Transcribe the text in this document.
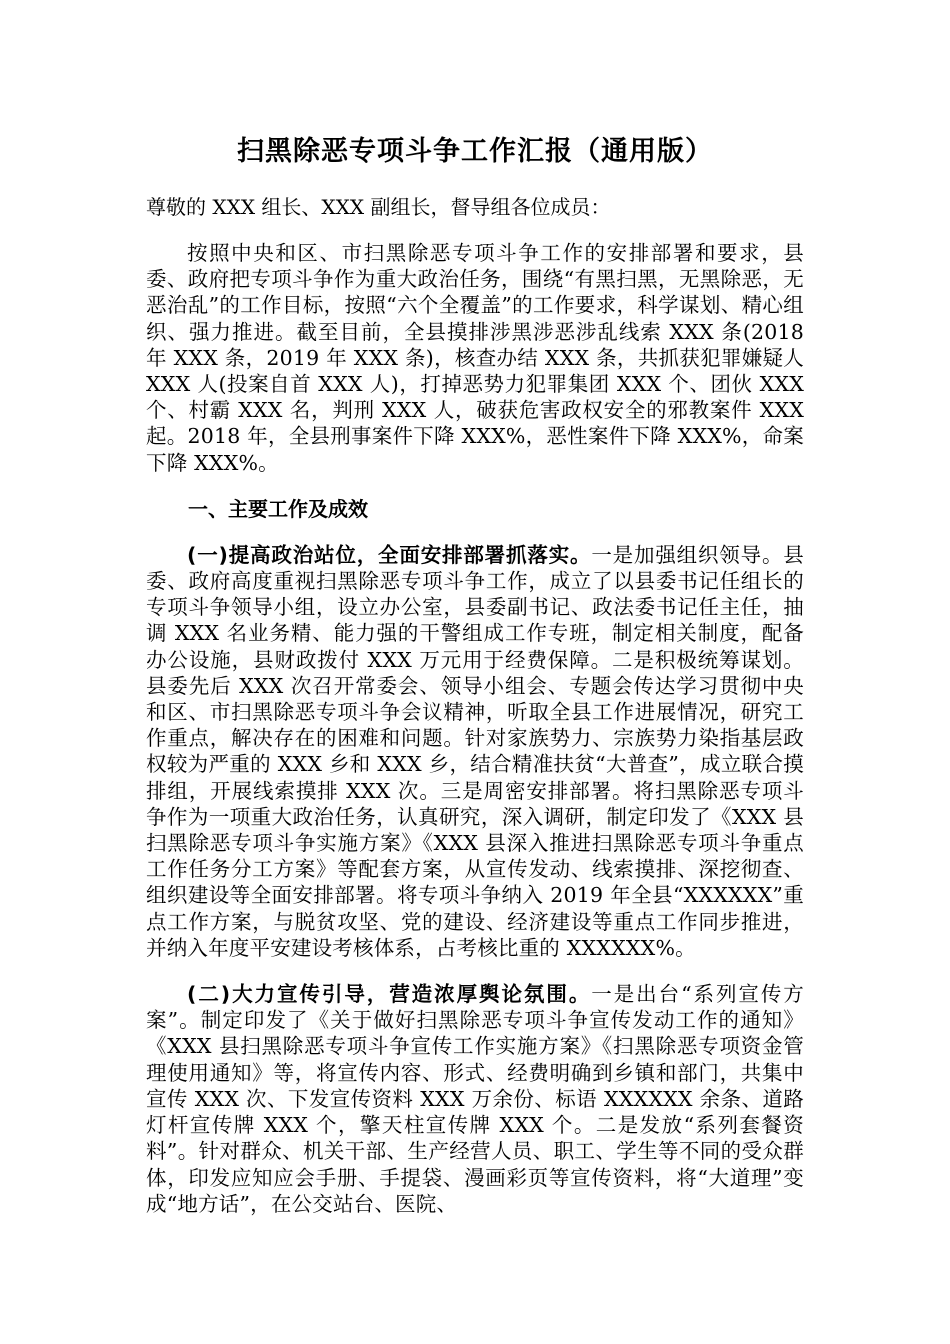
扫黑除恶专项斗争工作汇报（通用版）
尊敬的 XXX 组长、XXX 副组长，督导组各位成员：

按照中央和区、市扫黑除恶专项斗争工作的安排部署和要求，县委、政府把专项斗争作为重大政治任务，围绕“有黑扫黑，无黑除恶，无恶治乱”的工作目标，按照“六个全覆盖”的工作要求，科学谋划、精心组织、强力推进。截至目前，全县摸排涉黑涉恶涉乱线索 XXX 条(2018 年 XXX 条，2019 年 XXX 条)，核查办结 XXX 条，共抓获犯罪嫌疑人 XXX 人(投案自首 XXX 人)，打掉恶势力犯罪集团 XXX 个、团伙 XXX 个、村霸 XXX 名，判刑 XXX 人，破获危害政权安全的邪教案件 XXX 起。2018 年，全县刑事案件下降 XXX%，恶性案件下降 XXX%，命案下降 XXX%。

一、主要工作及成效

(一)提高政治站位，全面安排部署抓落实。一是加强组织领导。县委、政府高度重视扫黑除恶专项斗争工作，成立了以县委书记任组长的专项斗争领导小组，设立办公室，县委副书记、政法委书记任主任，抽调 XXX 名业务精、能力强的干警组成工作专班，制定相关制度，配备办公设施，县财政拨付 XXX 万元用于经费保障。二是积极统筹谋划。县委先后 XXX 次召开常委会、领导小组会、专题会传达学习贯彻中央和区、市扫黑除恶专项斗争会议精神，听取全县工作进展情况，研究工作重点，解决存在的困难和问题。针对家族势力、宗族势力染指基层政权较为严重的 XXX 乡和 XXX 乡，结合精准扶贫“大普查”，成立联合摸排组，开展线索摸排 XXX 次。三是周密安排部署。将扫黑除恶专项斗争作为一项重大政治任务，认真研究，深入调研，制定印发了《XXX 县扫黑除恶专项斗争实施方案》《XXX 县深入推进扫黑除恶专项斗争重点工作任务分工方案》等配套方案，从宣传发动、线索摸排、深挖彻查、组织建设等全面安排部署。将专项斗争纳入 2019 年全县“XXXXXX”重点工作方案，与脱贫攻坚、党的建设、经济建设等重点工作同步推进，并纳入年度平安建设考核体系，占考核比重的 XXXXXX%。

(二)大力宣传引导，营造浓厚舆论氛围。一是出台“系列宣传方案”。制定印发了《关于做好扫黑除恶专项斗争宣传发动工作的通知》《XXX 县扫黑除恶专项斗争宣传工作实施方案》《扫黑除恶专项资金管理使用通知》等，将宣传内容、形式、经费明确到乡镇和部门，共集中宣传 XXX 次、下发宣传资料 XXX 万余份、标语 XXXXXX 余条、道路灯杆宣传牌 XXX 个，擎天柱宣传牌 XXX 个。二是发放“系列套餐资料”。针对群众、机关干部、生产经营人员、职工、学生等不同的受众群体，印发应知应会手册、手提袋、漫画彩页等宣传资料，将“大道理”变成“地方话”，在公交站台、医院、
